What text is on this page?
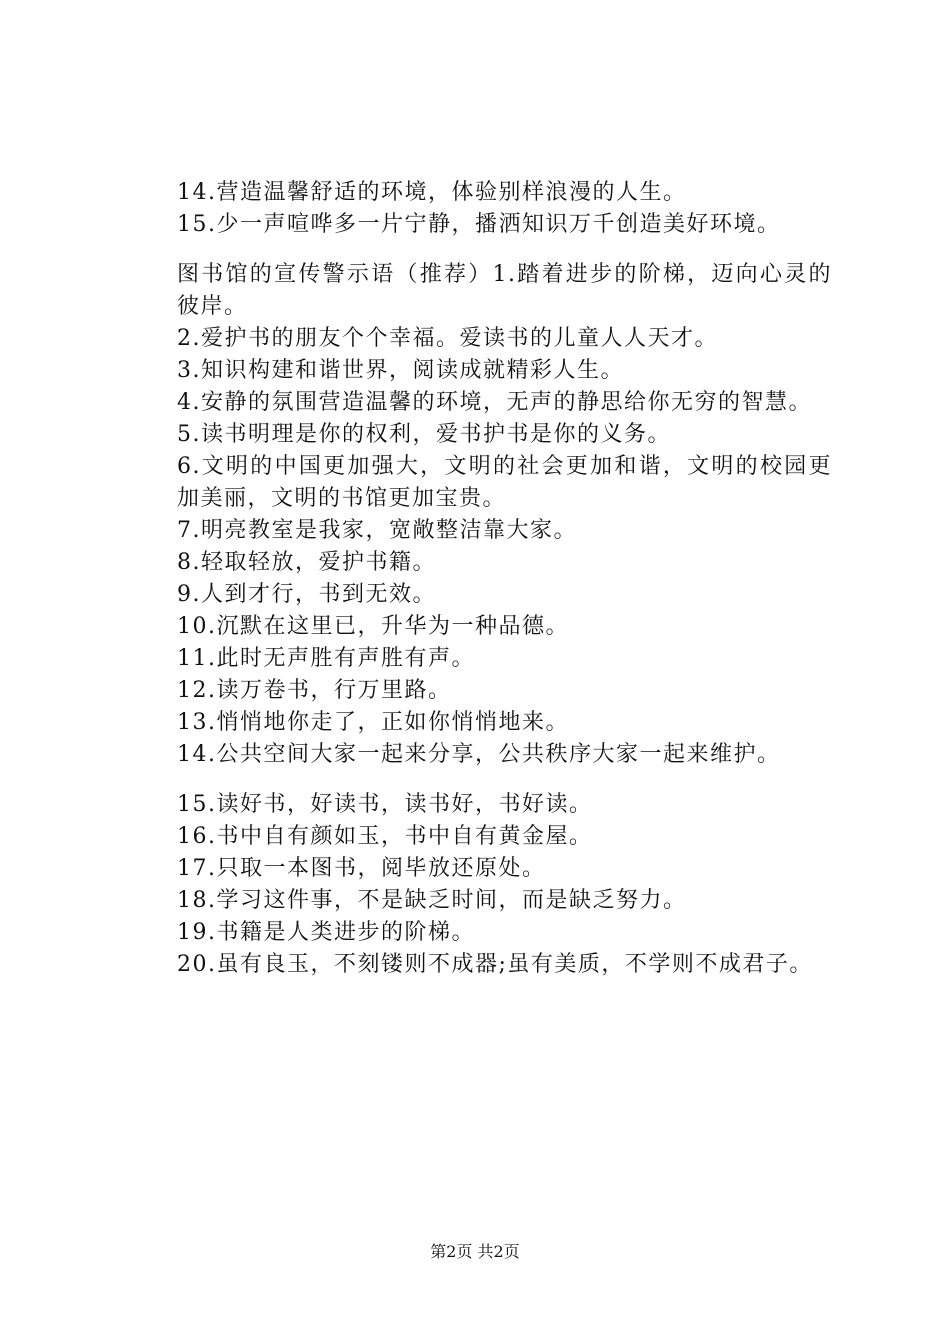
14.营造温馨舒适的环境，体验别样浪漫的人生。
15.少一声喧哗多一片宁静，播洒知识万千创造美好环境。
图书馆的宣传警示语（推荐）1.踏着进步的阶梯，迈向心灵的彼岸。
2.爱护书的朋友个个幸福。爱读书的儿童人人天才。
3.知识构建和谐世界，阅读成就精彩人生。
4.安静的氛围营造温馨的环境，无声的静思给你无穷的智慧。
5.读书明理是你的权利，爱书护书是你的义务。
6.文明的中国更加强大，文明的社会更加和谐，文明的校园更加美丽，文明的书馆更加宝贵。
7.明亮教室是我家，宽敞整洁靠大家。
8.轻取轻放，爱护书籍。
9.人到才行，书到无效。
10.沉默在这里已，升华为一种品德。
11.此时无声胜有声胜有声。
12.读万卷书，行万里路。
13.悄悄地你走了，正如你悄悄地来。
14.公共空间大家一起来分享，公共秩序大家一起来维护。
15.读好书，好读书，读书好，书好读。
16.书中自有颜如玉，书中自有黄金屋。
17.只取一本图书，阅毕放还原处。
18.学习这件事，不是缺乏时间，而是缺乏努力。
19.书籍是人类进步的阶梯。
20.虽有良玉，不刻镂则不成器;虽有美质，不学则不成君子。
第2页 共2页
